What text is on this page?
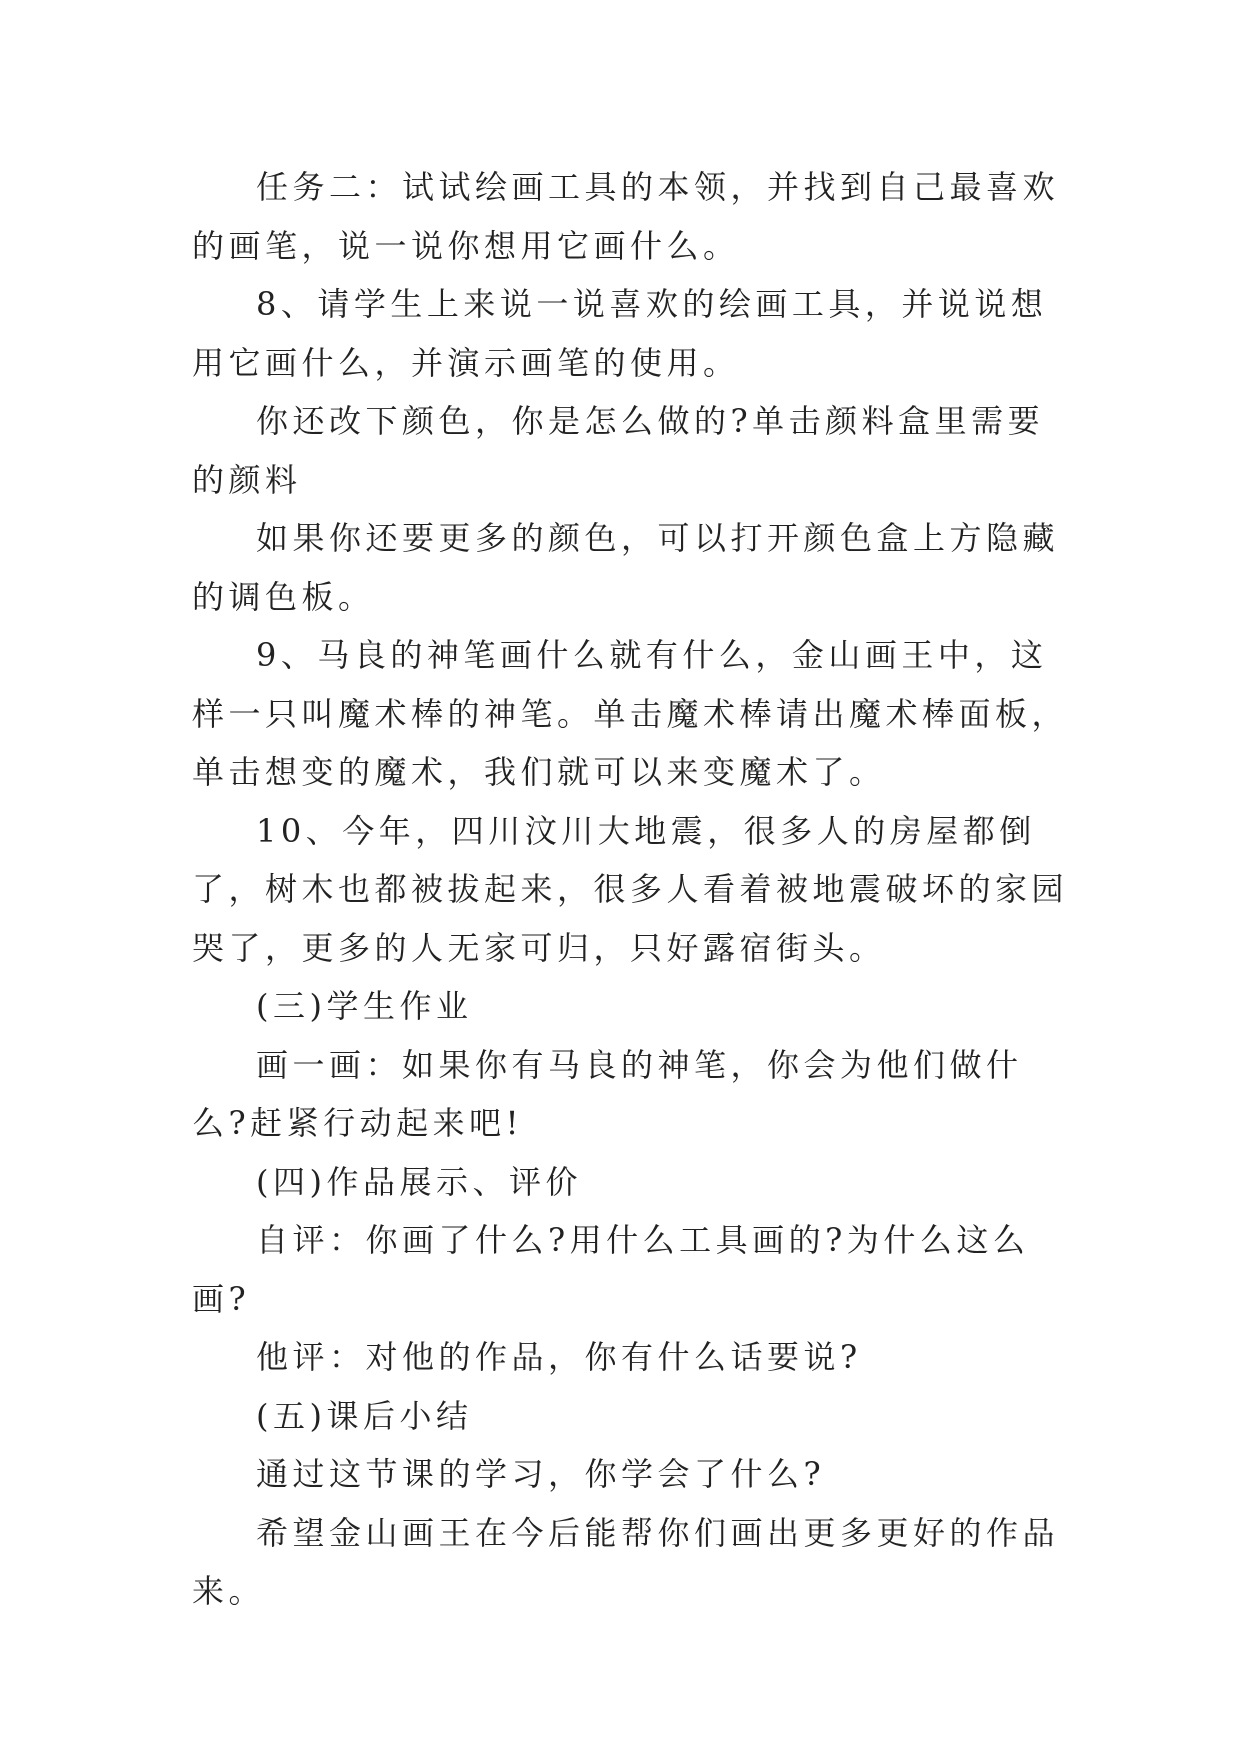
任务二：试试绘画工具的本领，并找到自己最喜欢的画笔，说一说你想用它画什么。

8、请学生上来说一说喜欢的绘画工具，并说说想用它画什么，并演示画笔的使用。

你还改下颜色，你是怎么做的?单击颜料盒里需要的颜料

如果你还要更多的颜色，可以打开颜色盒上方隐藏的调色板。

9、马良的神笔画什么就有什么，金山画王中，这样一只叫魔术棒的神笔。单击魔术棒请出魔术棒面板，单击想变的魔术，我们就可以来变魔术了。

10、今年，四川汶川大地震，很多人的房屋都倒了，树木也都被拔起来，很多人看着被地震破坏的家园哭了，更多的人无家可归，只好露宿街头。

(三)学生作业

画一画：如果你有马良的神笔，你会为他们做什么?赶紧行动起来吧!

(四)作品展示、评价

自评：你画了什么?用什么工具画的?为什么这么画?

他评：对他的作品，你有什么话要说?

(五)课后小结

通过这节课的学习，你学会了什么?

希望金山画王在今后能帮你们画出更多更好的作品来。
